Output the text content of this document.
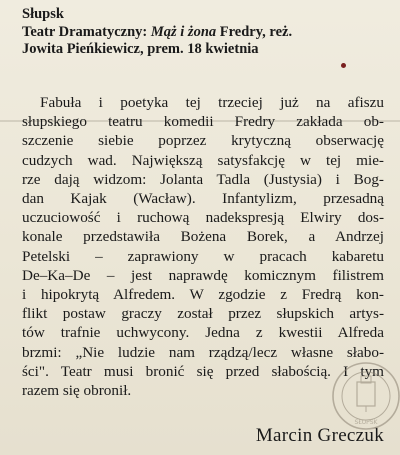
Słupsk
Teatr Dramatyczny: Mąż i żona Fredry, reż.
Jowita Pieńkiewicz, prem. 18 kwietnia
Fabuła i poetyka tej trzeciej już na afiszu
słupskiego teatru komedii Fredry zakłada ob-
szczenie siebie poprzez krytyczną obserwację
cudzych wad. Największą satysfakcję w tej mie-
rze dają widzom: Jolanta Tadla (Justysia) i Bog-
dan Kajak (Wacław). Infantylizm, przesadną
uczuciowość i ruchową nadekspresją Elwiry dos-
konale przedstawiła Bożena Borek, a Andrzej
Petelski – zaprawiony w pracach kabaretu
De–Ka–De – jest naprawdę komicznym filistrem
i hipokrytą Alfredem. W zgodzie z Fredrą kon-
flikt postaw graczy został przez słupskich artys-
tów trafnie uchwycony. Jedna z kwestii Alfreda
brzmi: „Nie ludzie nam rządzą/lecz własne słabo-
ści". Teatr musi bronić się przed słabością. I tym
razem się obronił.
Marcin Greczuk
SŁUPSK
